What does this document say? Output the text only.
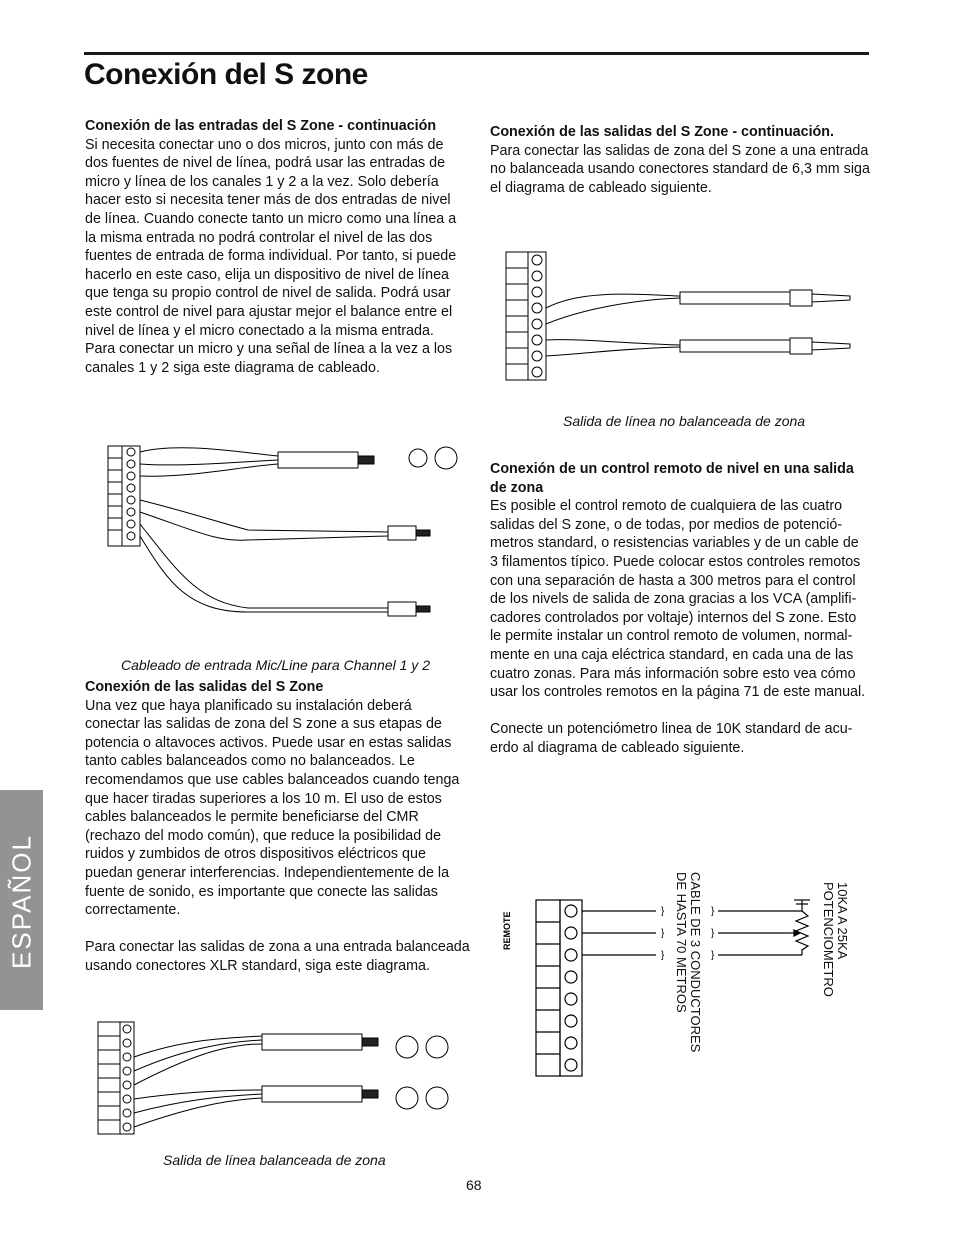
Conexión del S zone
ESPAÑOL
Conexión de las entradas del S Zone - continuación

Si necesita conectar uno o dos micros, junto con más de dos fuentes de nivel de línea, podrá usar las entradas de micro y línea de los canales 1 y 2 a la vez. Solo debería hacer esto si necesita tener más de dos entradas de nivel de línea. Cuando conecte tanto un micro como una línea a la misma entrada no podrá controlar el nivel de las dos fuentes de entrada de forma individual. Por tanto, si puede hacerlo en este caso, elija un dispositivo de nivel de línea que tenga su propio control de nivel de salida. Podrá usar este control de nivel para ajustar mejor el balance entre el nivel de línea y el micro conectado a la misma entrada. Para conectar un micro y una señal de línea a la vez a los canales 1 y 2 siga este diagrama de cableado.

Cableado de entrada Mic/Line para Channel 1 y 2
Conexión de las salidas del S Zone

Una vez que haya planificado su instalación deberá conectar las salidas de zona del S zone a sus etapas de potencia o altavoces activos. Puede usar en estas salidas tanto cables balanceados como no balanceados. Le recomendamos que use cables balanceados cuando tenga que hacer tiradas superiores a los 10 m. El uso de estos cables balanceados le permite beneficiarse del CMR (rechazo del modo común), que reduce la posibilidad de ruidos y zumbidos de otros dispositivos eléctricos que puedan generar interferencias. Independientemente de la fuente de sonido, es importante que conecte las salidas correctamente.

Para conectar las salidas de zona a una entrada balanceada usando conectores XLR standard, siga este diagrama.

Salida de línea balanceada de zona
Conexión de las salidas del S Zone - continuación.

Para conectar las salidas de zona del S zone a una entrada no balanceada usando conectores standard de 6,3 mm siga el diagrama de cableado siguiente.

Salida de línea no balanceada de zona
Conexión de un control remoto de nivel en una salida de zona

Es posible el control remoto de cualquiera de las cuatro salidas del S zone, o de todas, por medios de potenció-metros standard, o resistencias variables y de un cable de 3 filamentos típico. Puede colocar estos controles remotos con una separación de hasta a 300 metros para el control de los nivels de salida de zona gracias a los VCA (amplifi-cadores controlados por voltaje) internos del S zone. Esto le permite instalar un control remoto de volumen, normal-mente en una caja eléctrica standard, en cada una de las cuatro zonas. Para más información sobre esto vea cómo usar los controles remotos en la página 71 de este manual.

Conecte un potenciómetro linea de 10K standard de acu-erdo al diagrama de cableado siguiente.

}
}
}
}
}
}
REMOTE	CABLE DE 3 CONDUCTORES
DE HASTA 70 METROS	10KA A 25KA
POTENCIOMETRO
68
